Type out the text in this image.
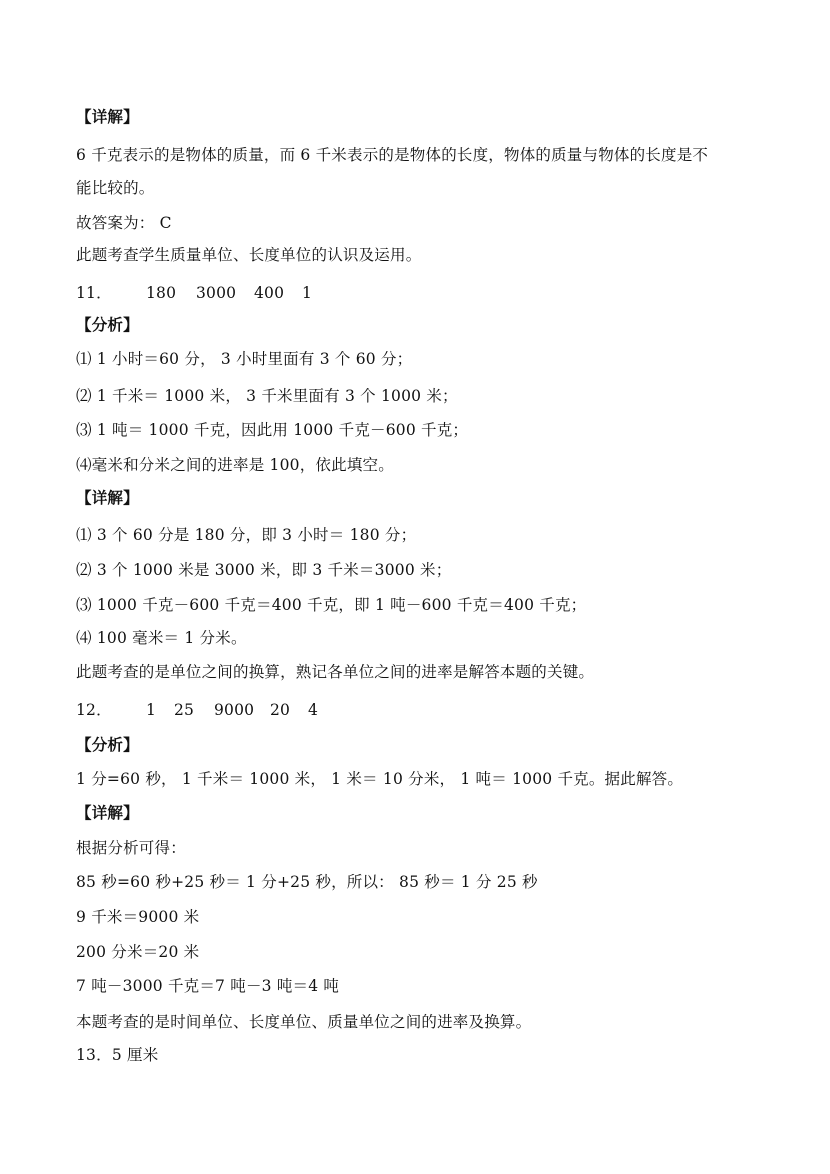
【详解】
6 千克表示的是物体的质量，而 6 千米表示的是物体的长度，物体的质量与物体的长度是不
能比较的。
故答案为： C
此题考查学生质量单位、长度单位的认识及运用。
11． 180 3000 400 1
【分析】
⑴ 1 小时＝60 分， 3 小时里面有 3 个 60 分；
⑵ 1 千米＝ 1000 米， 3 千米里面有 3 个 1000 米；
⑶ 1 吨＝ 1000 千克，因此用 1000 千克－600 千克；
⑷毫米和分米之间的进率是 100，依此填空。
【详解】
⑴ 3 个 60 分是 180 分，即 3 小时＝ 180 分；
⑵ 3 个 1000 米是 3000 米，即 3 千米＝3000 米；
⑶ 1000 千克－600 千克＝400 千克，即 1 吨－600 千克＝400 千克；
⑷ 100 毫米＝ 1 分米。
此题考查的是单位之间的换算，熟记各单位之间的进率是解答本题的关键。
12． 1 25 9000 20 4
【分析】
1 分=60 秒， 1 千米＝ 1000 米， 1 米＝ 10 分米， 1 吨＝ 1000 千克。据此解答。
【详解】
根据分析可得：
85 秒=60 秒+25 秒＝ 1 分+25 秒，所以： 85 秒＝ 1 分 25 秒
9 千米＝9000 米
200 分米＝20 米
7 吨－3000 千克＝7 吨－3 吨＝4 吨
本题考查的是时间单位、长度单位、质量单位之间的进率及换算。
13．5 厘米
